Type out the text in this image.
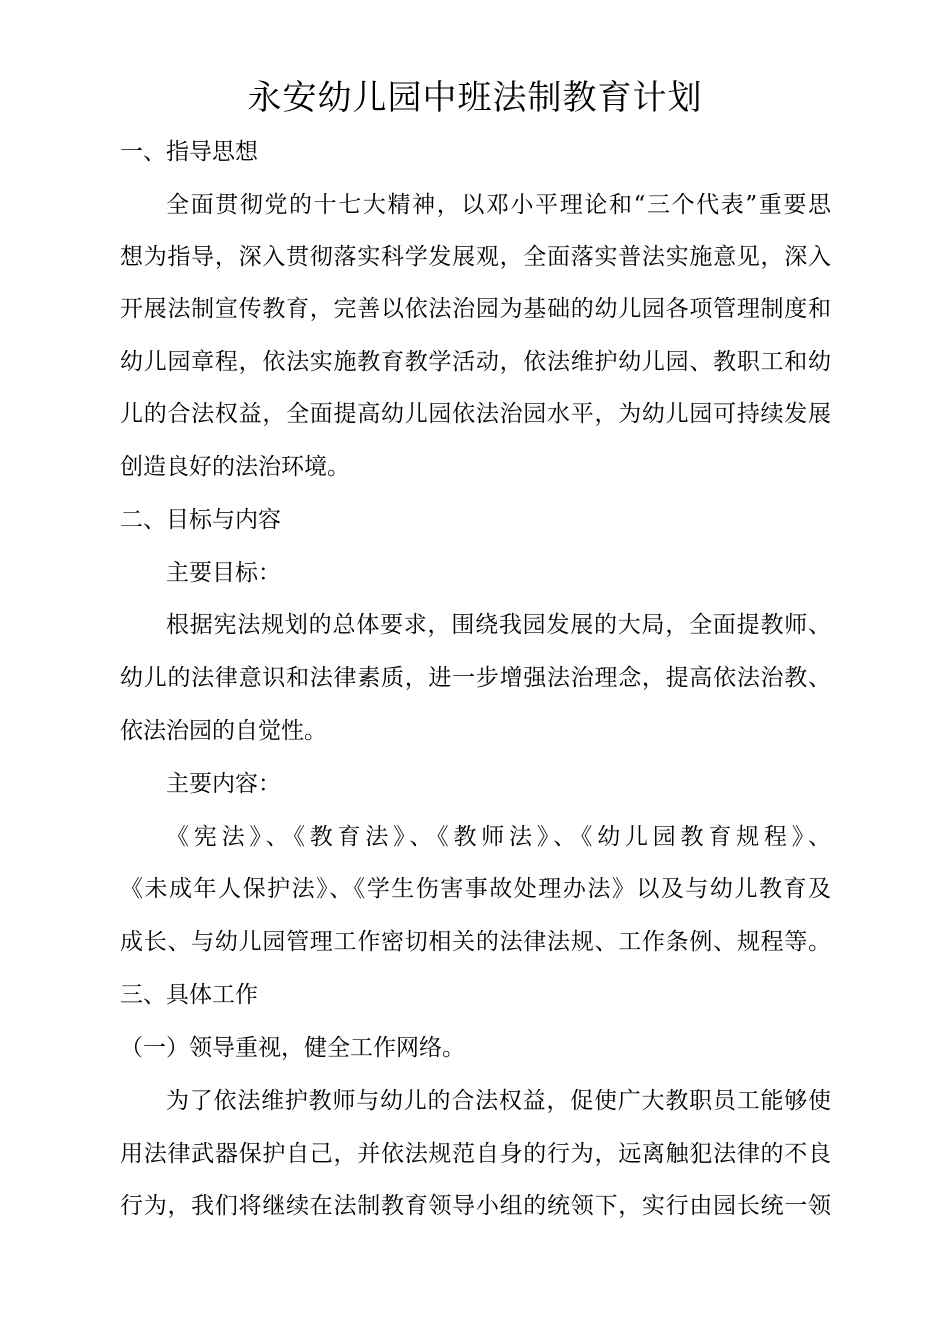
永安幼儿园中班法制教育计划
一、指导思想
全面贯彻党的十七大精神，以邓小平理论和“三个代表”重要思
想为指导，深入贯彻落实科学发展观，全面落实普法实施意见，深入
开展法制宣传教育，完善以依法治园为基础的幼儿园各项管理制度和
幼儿园章程，依法实施教育教学活动，依法维护幼儿园、教职工和幼
儿的合法权益，全面提高幼儿园依法治园水平，为幼儿园可持续发展
创造良好的法治环境。
二、目标与内容
主要目标：
根据宪法规划的总体要求，围绕我园发展的大局，全面提教师、
幼儿的法律意识和法律素质，进一步增强法治理念，提高依法治教、
依法治园的自觉性。
主要内容：
《宪法》、《教育法》、《教师法》、《幼儿园教育规程》、
《未成年人保护法》、《学生伤害事故处理办法》以及与幼儿教育及
成长、与幼儿园管理工作密切相关的法律法规、工作条例、规程等。
三、具体工作
（一）领导重视，健全工作网络。
为了依法维护教师与幼儿的合法权益，促使广大教职员工能够使
用法律武器保护自己，并依法规范自身的行为，远离触犯法律的不良
行为，我们将继续在法制教育领导小组的统领下，实行由园长统一领
